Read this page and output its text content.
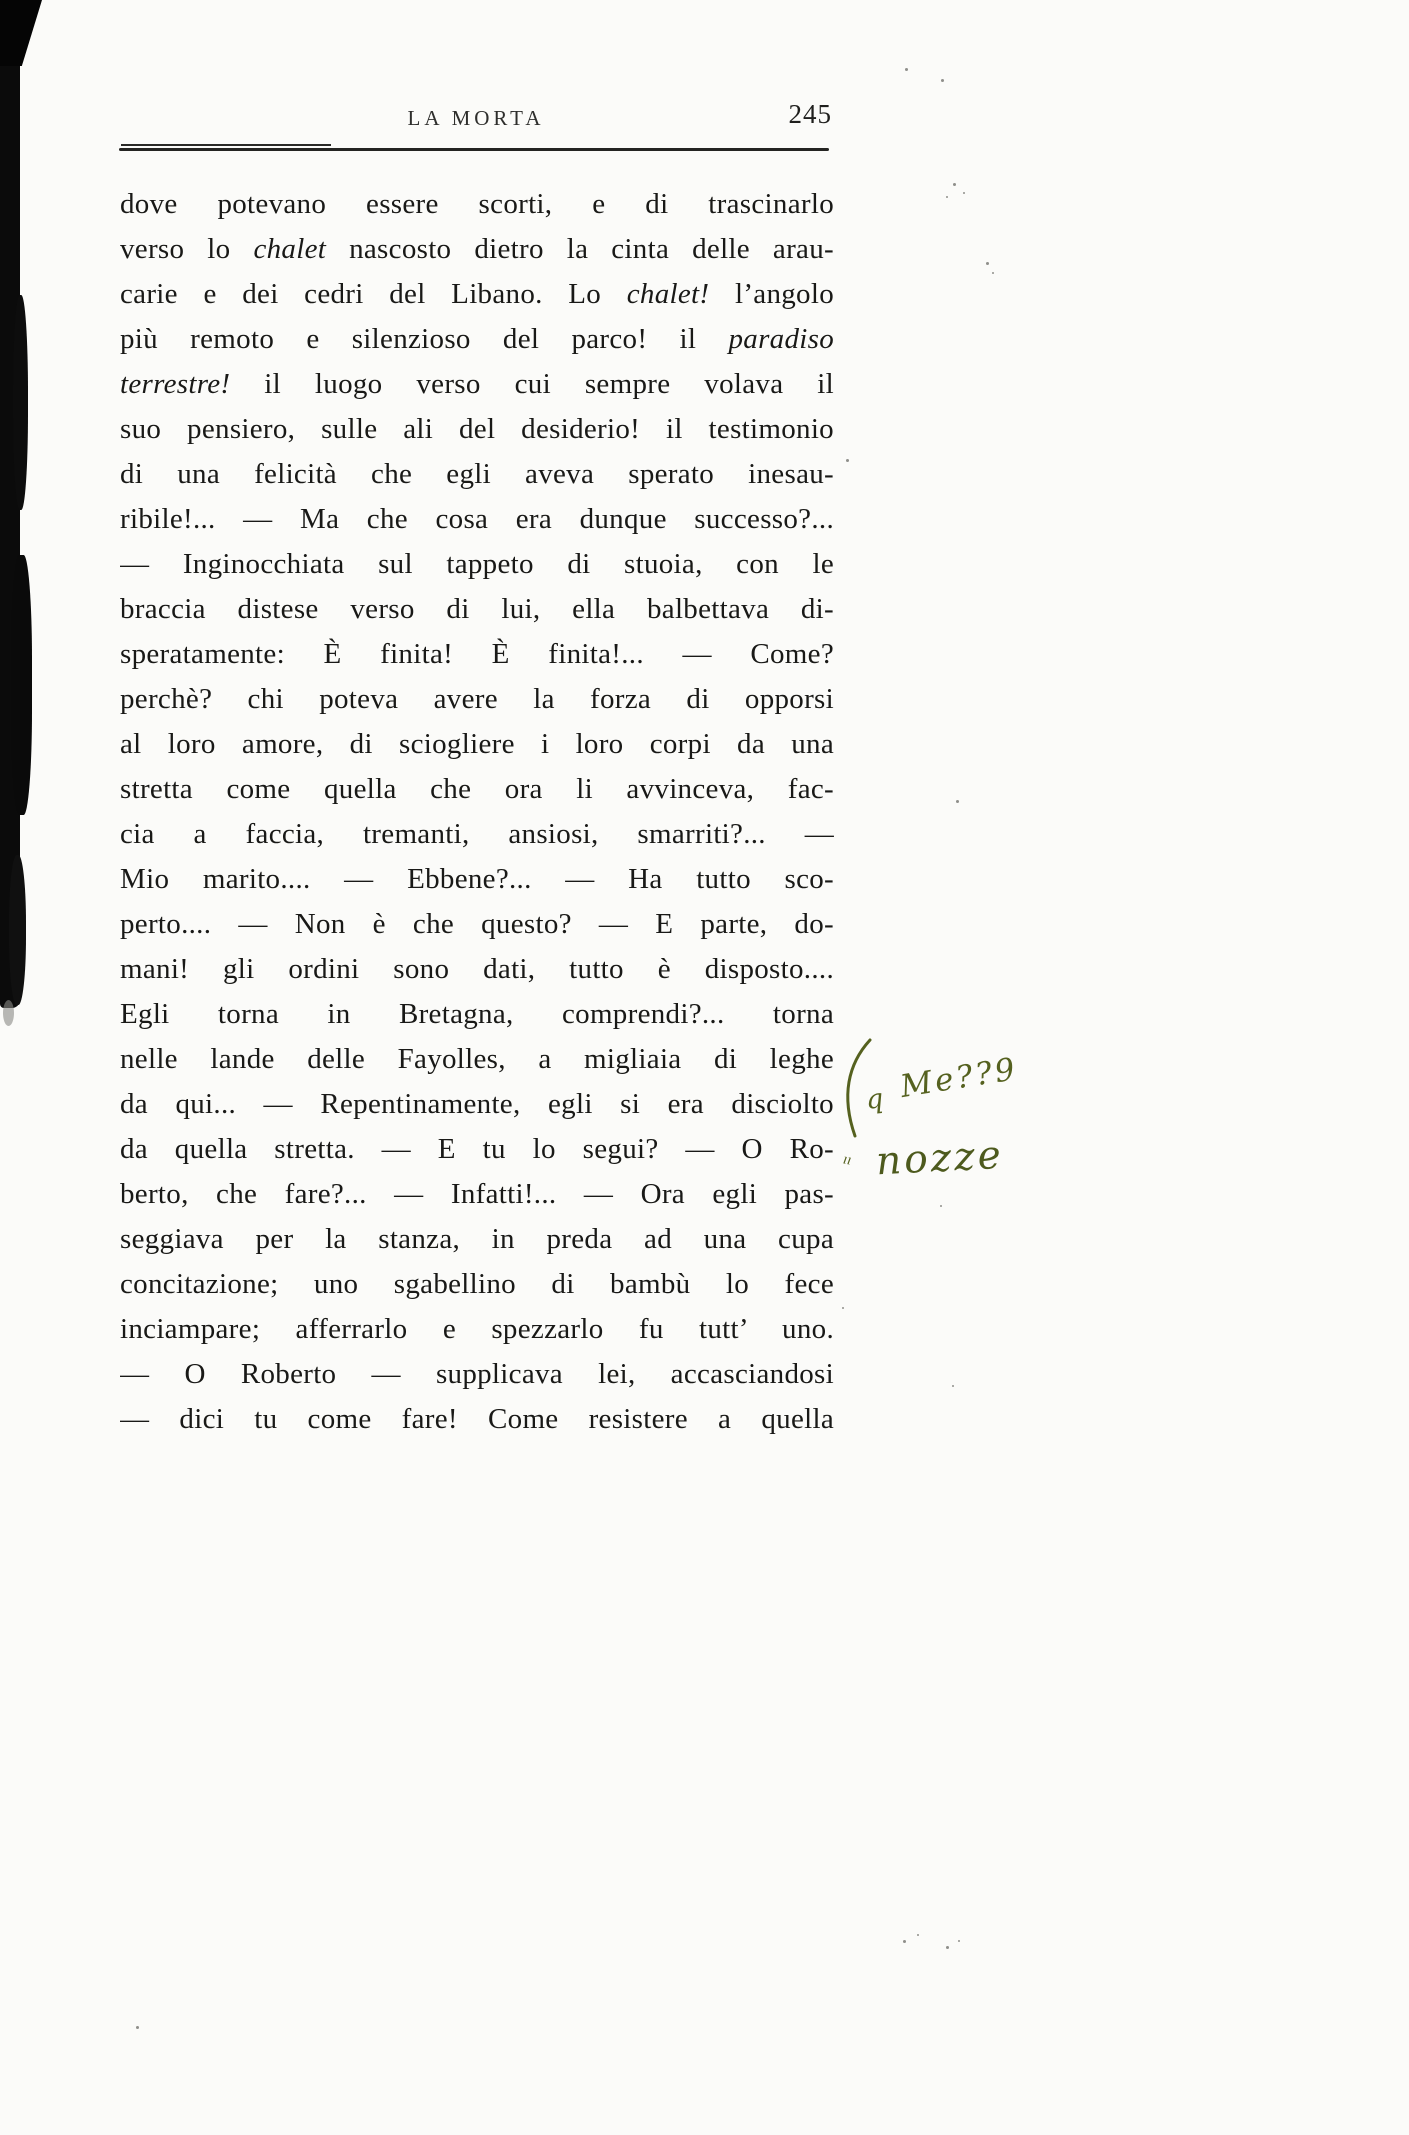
LA MORTA	245
dove potevano essere scorti, e di trascinarlo
verso lo chalet nascosto dietro la cinta delle arau-
carie e dei cedri del Libano. Lo chalet! l’angolo
più remoto e silenzioso del parco! il paradiso
terrestre! il luogo verso cui sempre volava il
suo pensiero, sulle ali del desiderio! il testimonio
di una felicità che egli aveva sperato inesau-
ribile!... — Ma che cosa era dunque successo?...
— Inginocchiata sul tappeto di stuoia, con le
braccia distese verso di lui, ella balbettava di-
speratamente: È finita! È finita!... — Come?
perchè? chi poteva avere la forza di opporsi
al loro amore, di sciogliere i loro corpi da una
stretta come quella che ora li avvinceva, fac-
cia a faccia, tremanti, ansiosi, smarriti?... —
Mio marito.... — Ebbene?... — Ha tutto sco-
perto.... — Non è che questo? — E parte, do-
mani! gli ordini sono dati, tutto è disposto....
Egli torna in Bretagna, comprendi?... torna
nelle lande delle Fayolles, a migliaia di leghe
da qui... — Repentinamente, egli si era disciolto
da quella stretta. — E tu lo segui? — O Ro-
berto, che fare?... — Infatti!... — Ora egli pas-
seggiava per la stanza, in preda ad una cupa
concitazione; uno sgabellino di bambù lo fece
inciampare; afferrarlo e spezzarlo fu tutt’ uno.
— O Roberto — supplicava lei, accasciandosi
— dici tu come fare! Come resistere a quella
q Me??9
nozze
ıı
